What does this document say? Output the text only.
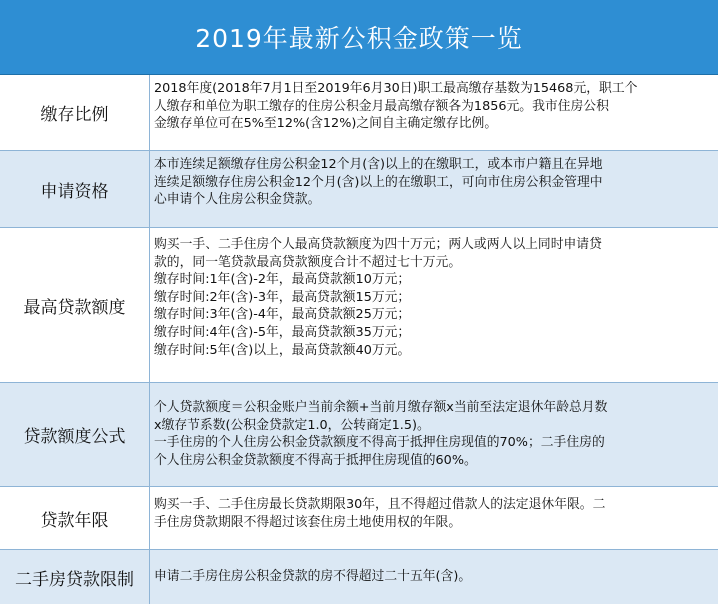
2019年最新公积金政策一览
缴存比例
2018年度(2018年7月1日至2019年6月30日)职工最高缴存基数为15468元，职工个
人缴存和单位为职工缴存的住房公积金月最高缴存额各为1856元。我市住房公积
金缴存单位可在5%至12%(含12%)之间自主确定缴存比例。
申请资格
本市连续足额缴存住房公积金12个月(含)以上的在缴职工，或本市户籍且在异地
连续足额缴存住房公积金12个月(含)以上的在缴职工，可向市住房公积金管理中
心申请个人住房公积金贷款。
最高贷款额度
购买一手、二手住房个人最高贷款额度为四十万元；两人或两人以上同时申请贷
款的，同一笔贷款最高贷款额度合计不超过七十万元。
缴存时间:1年(含)-2年，最高贷款额10万元；
缴存时间:2年(含)-3年，最高贷款额15万元；
缴存时间:3年(含)-4年，最高贷款额25万元；
缴存时间:4年(含)-5年，最高贷款额35万元；
缴存时间:5年(含)以上，最高贷款额40万元。
贷款额度公式
个人贷款额度＝公积金账户当前余额+当前月缴存额x当前至法定退休年龄总月数
x缴存节系数(公积金贷款定1.0，公转商定1.5)。
一手住房的个人住房公积金贷款额度不得高于抵押住房现值的70%；二手住房的
个人住房公积金贷款额度不得高于抵押住房现值的60%。
贷款年限
购买一手、二手住房最长贷款期限30年，且不得超过借款人的法定退休年限。二
手住房贷款期限不得超过该套住房土地使用权的年限。
二手房贷款限制	申请二手房住房公积金贷款的房不得超过二十五年(含)。
